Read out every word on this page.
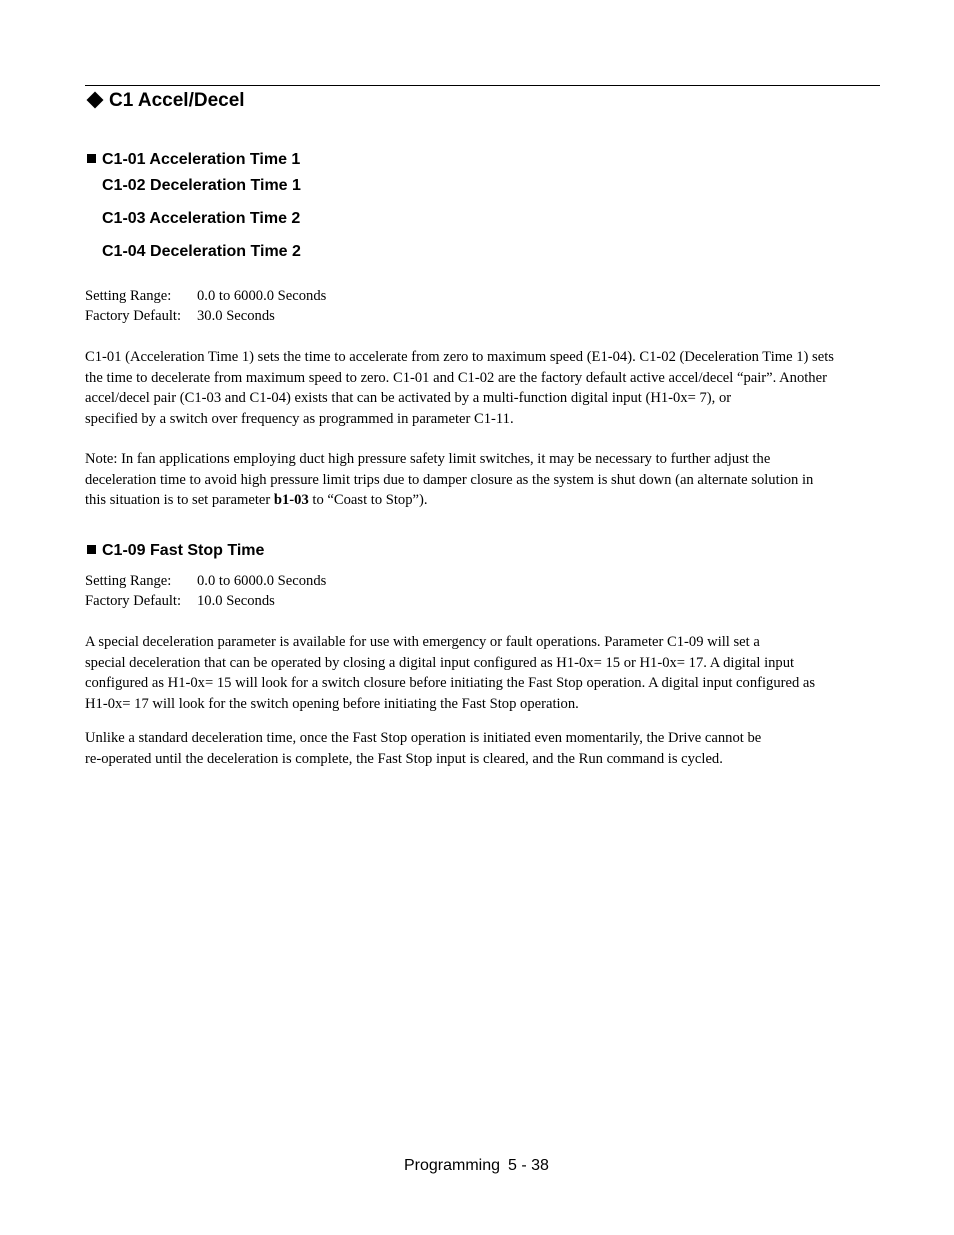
C1 Accel/Decel
C1-01 Acceleration Time 1
C1-02 Deceleration Time 1
C1-03 Acceleration Time 2
C1-04 Deceleration Time 2
Setting Range: 0.0 to 6000.0 Seconds
Factory Default: 30.0 Seconds

C1-01 (Acceleration Time 1) sets the time to accelerate from zero to maximum speed (E1-04). C1-02 (Deceleration Time 1) sets

the time to decelerate from maximum speed to zero. C1-01 and C1-02 are the factory default active accel/decel “pair”. Another

accel/decel pair (C1-03 and C1-04) exists that can be activated by a multi-function digital input (H1-0x= 7), or

specified by a switch over frequency as programmed in parameter C1-11.

Note: In fan applications employing duct high pressure safety limit switches, it may be necessary to further adjust the

deceleration time to avoid high pressure limit trips due to damper closure as the system is shut down (an alternate solution in

this situation is to set parameter b1-03 to “Coast to Stop”).

C1-09 Fast Stop Time
Setting Range: 0.0 to 6000.0 Seconds
Factory Default: 10.0 Seconds

A special deceleration parameter is available for use with emergency or fault operations. Parameter C1-09 will set a

special deceleration that can be operated by closing a digital input configured as H1-0x= 15 or H1-0x= 17. A digital input

configured as H1-0x= 15 will look for a switch closure before initiating the Fast Stop operation. A digital input configured as

H1-0x= 17 will look for the switch opening before initiating the Fast Stop operation.

Unlike a standard deceleration time, once the Fast Stop operation is initiated even momentarily, the Drive cannot be

re-operated until the deceleration is complete, the Fast Stop input is cleared, and the Run command is cycled.

Programming 5 - 38
